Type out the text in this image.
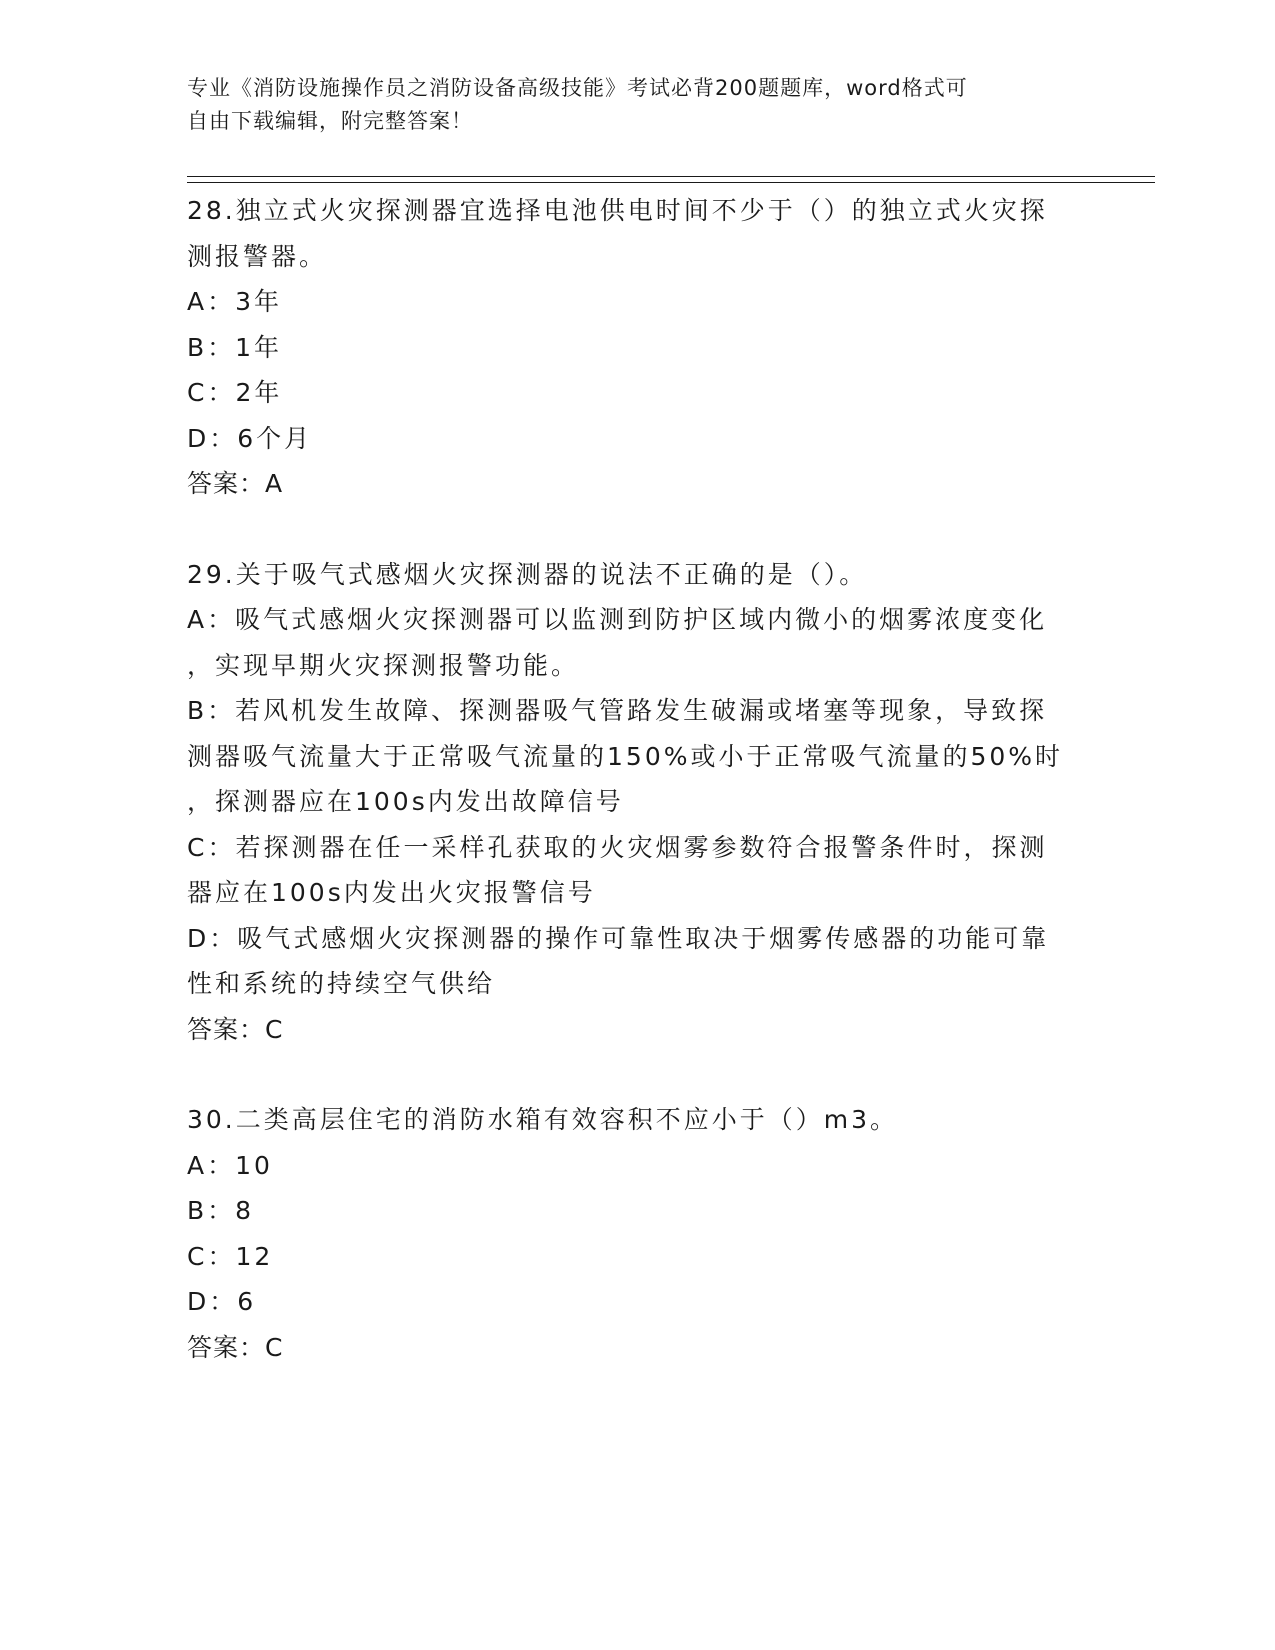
专业《消防设施操作员之消防设备高级技能》考试必背200题题库，word格式可
自由下载编辑，附完整答案！
28.独立式火灾探测器宜选择电池供电时间不少于（）的独立式火灾探
测报警器。
A：3年
B：1年
C：2年
D：6个月
答案：A
29.关于吸气式感烟火灾探测器的说法不正确的是（）。
A：吸气式感烟火灾探测器可以监测到防护区域内微小的烟雾浓度变化
，实现早期火灾探测报警功能。
B：若风机发生故障、探测器吸气管路发生破漏或堵塞等现象，导致探
测器吸气流量大于正常吸气流量的150%或小于正常吸气流量的50%时
，探测器应在100s内发出故障信号
C：若探测器在任一采样孔获取的火灾烟雾参数符合报警条件时，探测
器应在100s内发出火灾报警信号
D：吸气式感烟火灾探测器的操作可靠性取决于烟雾传感器的功能可靠
性和系统的持续空气供给
答案：C
30.二类高层住宅的消防水箱有效容积不应小于（）m3。
A：10
B：8
C：12
D：6
答案：C
